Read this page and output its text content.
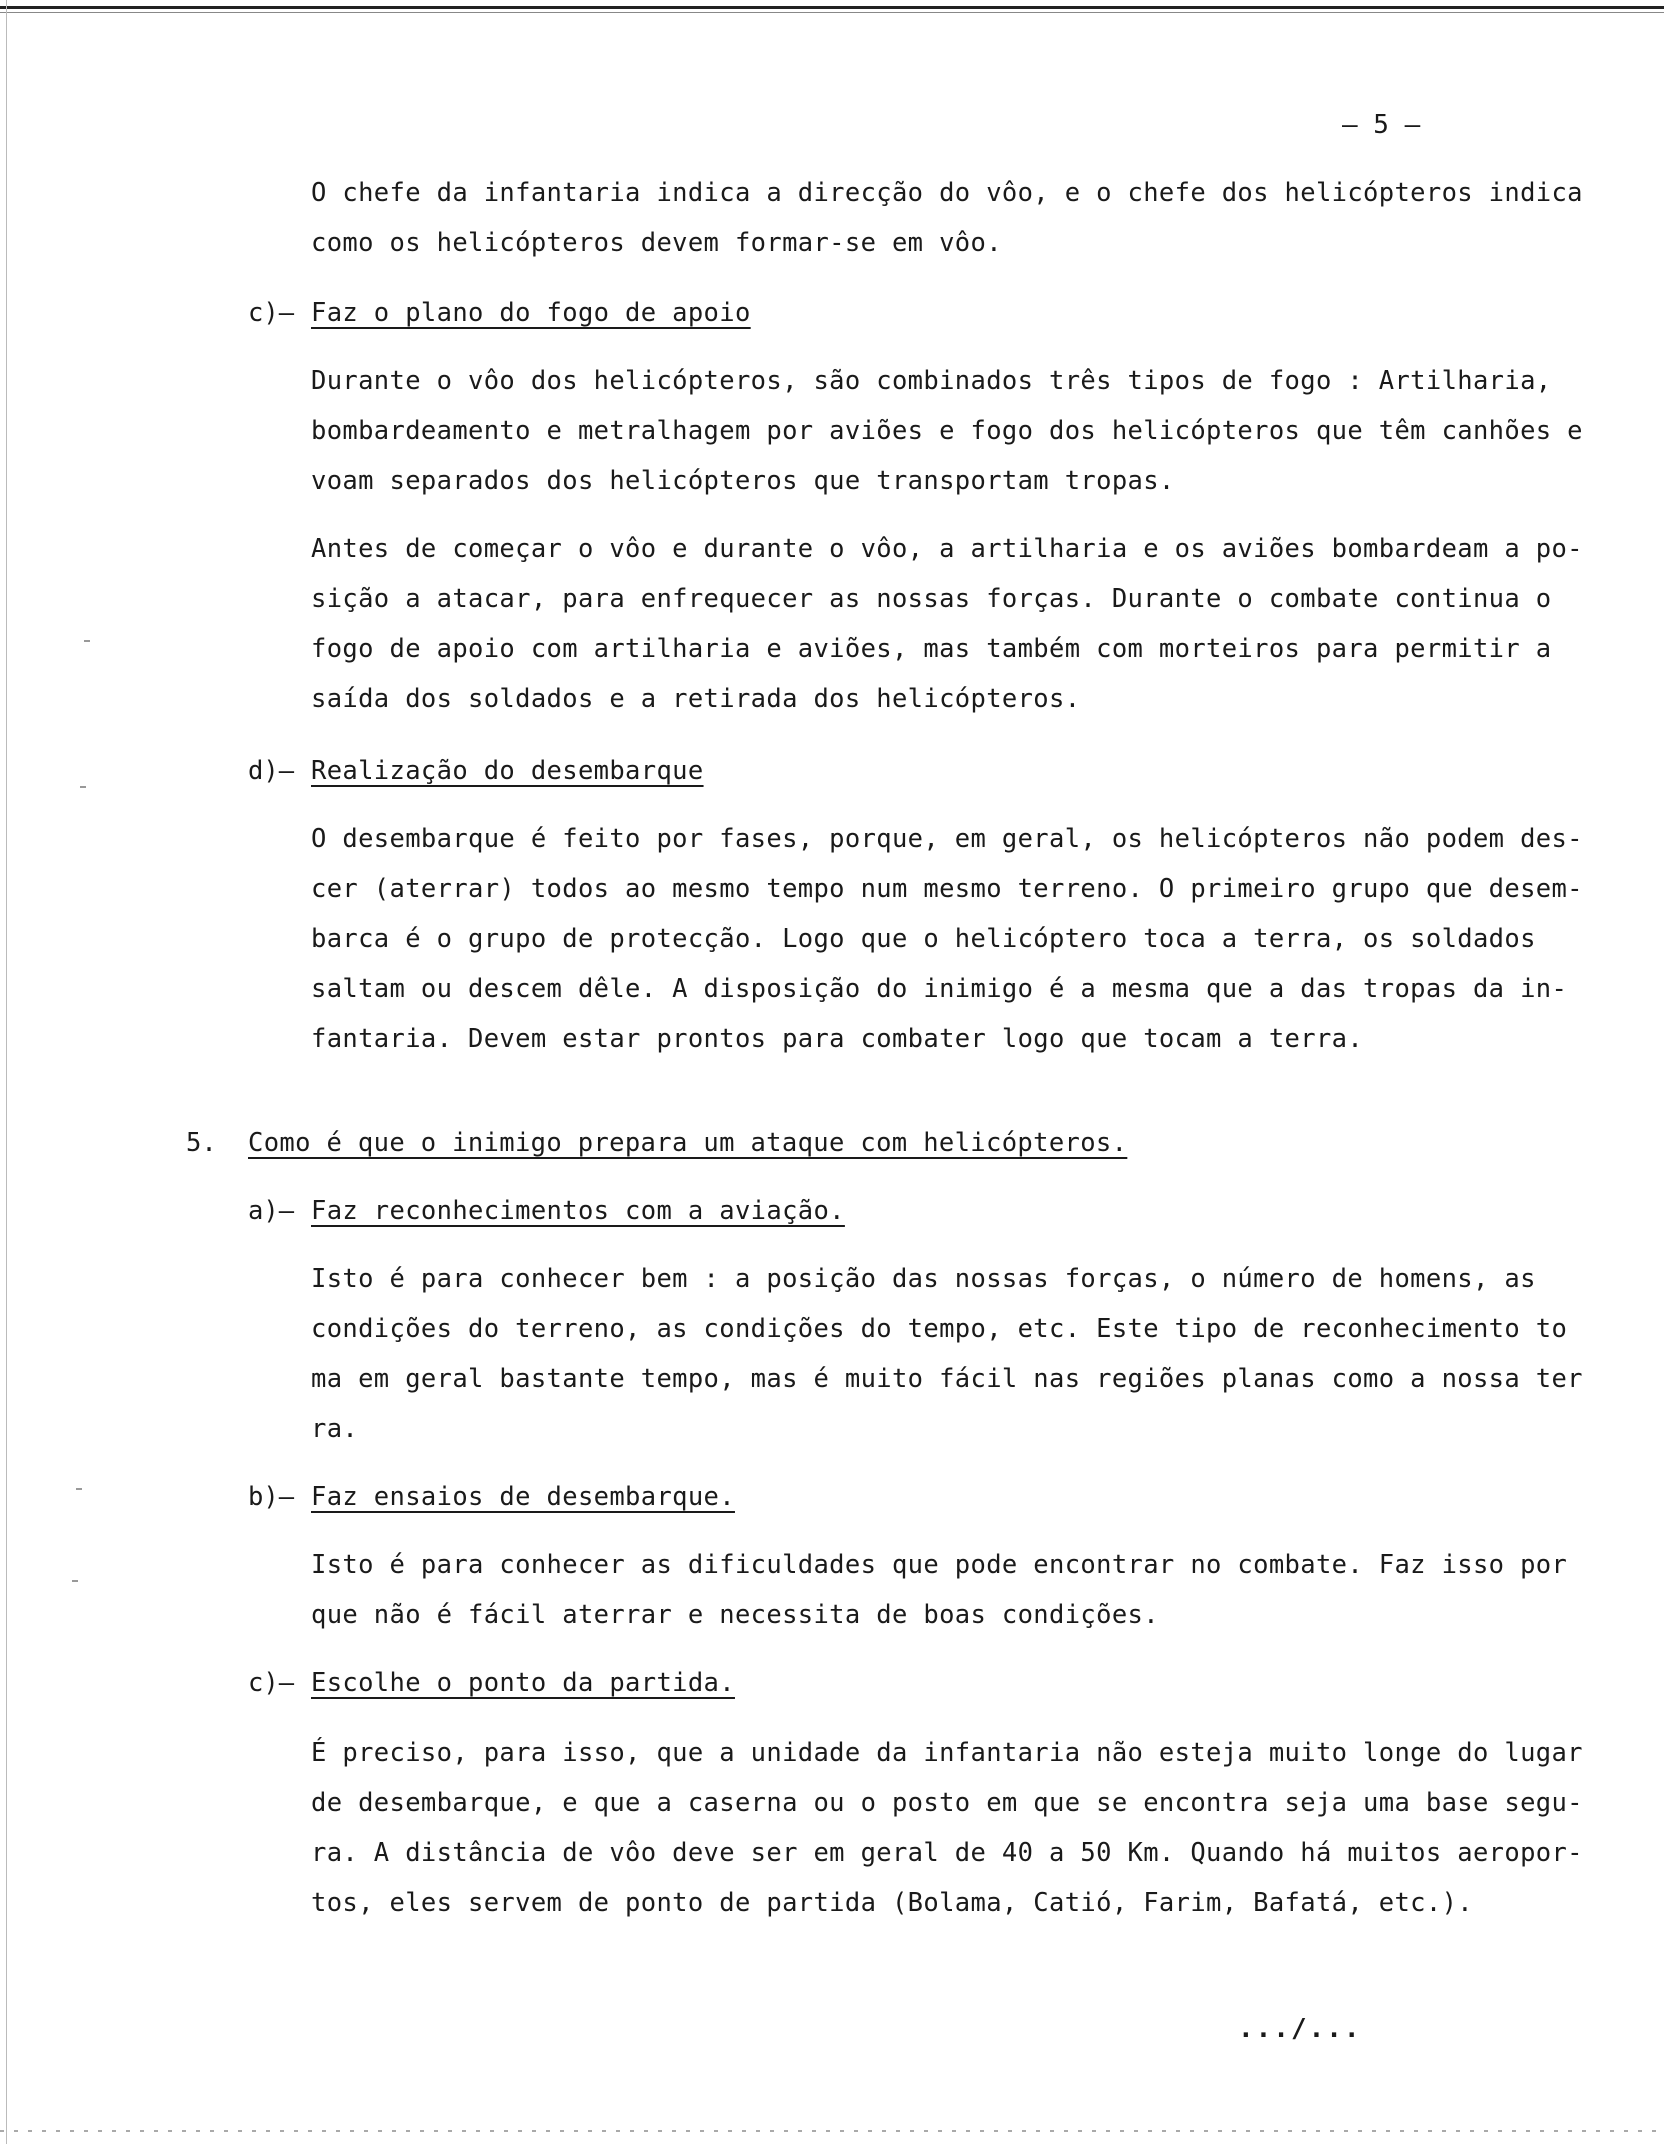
– 5 –
O chefe da infantaria indica a direcção do vôo, e o chefe dos helicópteros indica
como os helicópteros devem formar-se em vôo.
c)– Faz o plano do fogo de apoio
Durante o vôo dos helicópteros, são combinados três tipos de fogo : Artilharia,
bombardeamento e metralhagem por aviões e fogo dos helicópteros que têm canhões e
voam separados dos helicópteros que transportam tropas.
Antes de começar o vôo e durante o vôo, a artilharia e os aviões bombardeam a po-
sição a atacar, para enfrequecer as nossas forças. Durante o combate continua o
fogo de apoio com artilharia e aviões, mas também com morteiros para permitir a
saída dos soldados e a retirada dos helicópteros.
d)– Realização do desembarque
O desembarque é feito por fases, porque, em geral, os helicópteros não podem des-
cer (aterrar) todos ao mesmo tempo num mesmo terreno. O primeiro grupo que desem-
barca é o grupo de protecção. Logo que o helicóptero toca a terra, os soldados
saltam ou descem dêle. A disposição do inimigo é a mesma que a das tropas da in-
fantaria. Devem estar prontos para combater logo que tocam a terra.
5. Como é que o inimigo prepara um ataque com helicópteros.
a)– Faz reconhecimentos com a aviação.
Isto é para conhecer bem : a posição das nossas forças, o número de homens, as
condições do terreno, as condições do tempo, etc. Este tipo de reconhecimento to
ma em geral bastante tempo, mas é muito fácil nas regiões planas como a nossa ter
ra.
b)– Faz ensaios de desembarque.
Isto é para conhecer as dificuldades que pode encontrar no combate. Faz isso por
que não é fácil aterrar e necessita de boas condições.
c)– Escolhe o ponto da partida.
É preciso, para isso, que a unidade da infantaria não esteja muito longe do lugar
de desembarque, e que a caserna ou o posto em que se encontra seja uma base segu-
ra. A distância de vôo deve ser em geral de 40 a 50 Km. Quando há muitos aeropor-
tos, eles servem de ponto de partida (Bolama, Catió, Farim, Bafatá, etc.).
.../...
